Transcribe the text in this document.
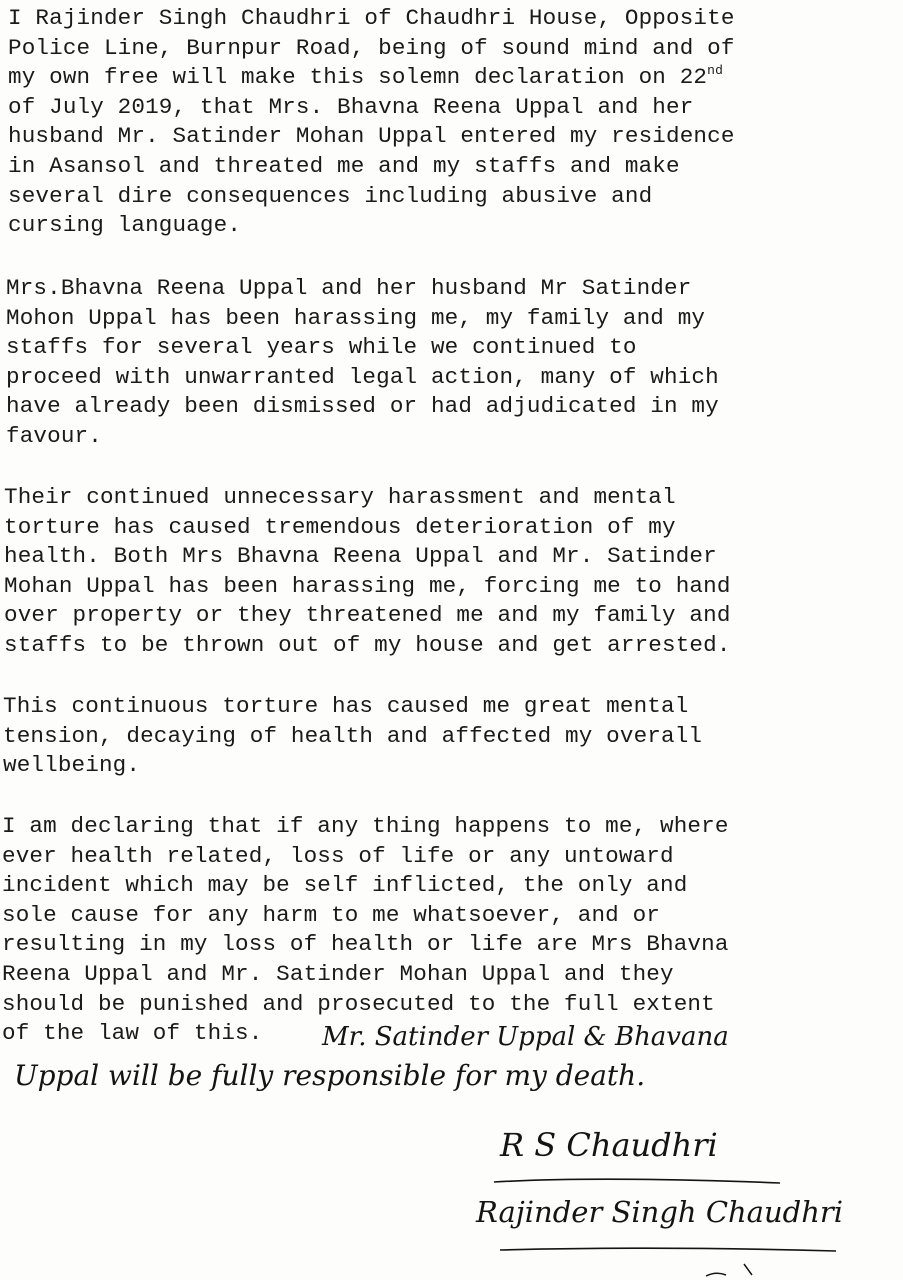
I Rajinder Singh Chaudhri of Chaudhri House, Opposite
Police Line, Burnpur Road, being of sound mind and of
my own free will make this solemn declaration on 22nd
of July 2019, that Mrs. Bhavna Reena Uppal and her
husband Mr. Satinder Mohan Uppal entered my residence
in Asansol and threated me and my staffs and make
several dire consequences including abusive and
cursing language.
Mrs.Bhavna Reena Uppal and her husband Mr Satinder
Mohon Uppal has been harassing me, my family and my
staffs for several years while we continued to
proceed with unwarranted legal action, many of which
have already been dismissed or had adjudicated in my
favour.
Their continued unnecessary harassment and mental
torture has caused tremendous deterioration of my
health. Both Mrs Bhavna Reena Uppal and Mr. Satinder
Mohan Uppal has been harassing me, forcing me to hand
over property or they threatened me and my family and
staffs to be thrown out of my house and get arrested.
This continuous torture has caused me great mental
tension, decaying of health and affected my overall
wellbeing.
I am declaring that if any thing happens to me, where
ever health related, loss of life or any untoward
incident which may be self inflicted, the only and
sole cause for any harm to me whatsoever, and or
resulting in my loss of health or life are Mrs Bhavna
Reena Uppal and Mr. Satinder Mohan Uppal and they
should be punished and prosecuted to the full extent
of the law of this.	Mr. Satinder Uppal & Bhavana
Uppal will be fully responsible for my death.
R S Chaudhri
Rajinder Singh Chaudhri
